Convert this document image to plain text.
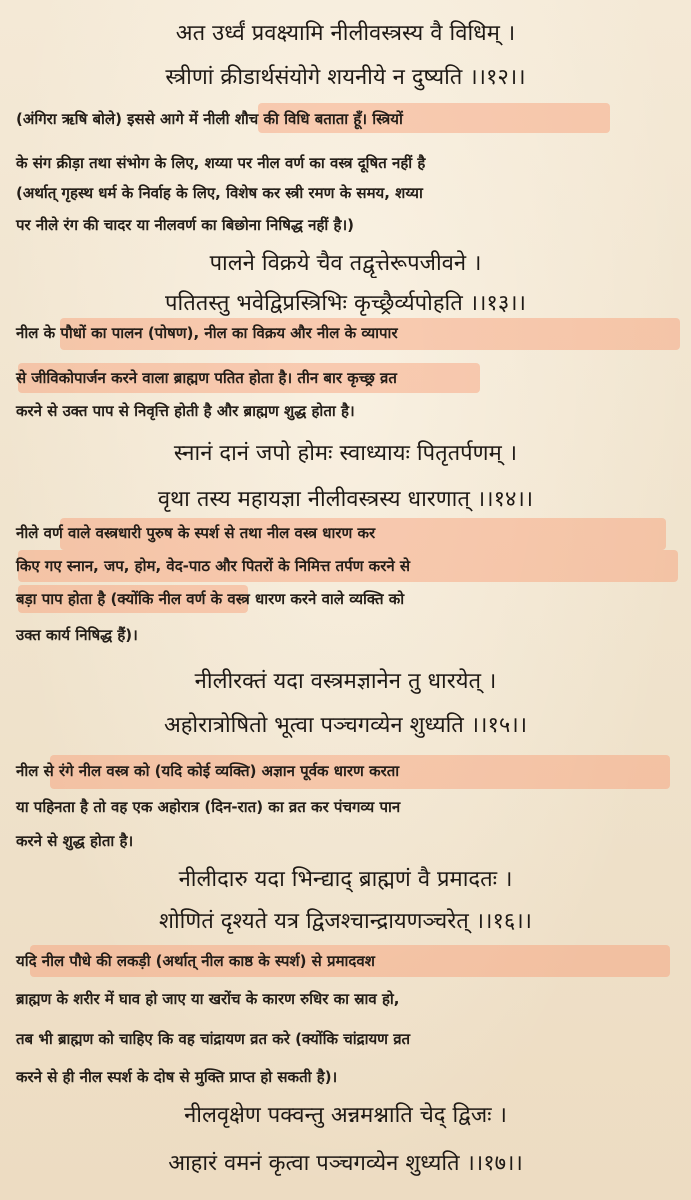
अत उर्ध्वं प्रवक्ष्यामि नीलीवस्त्रस्य वै विधिम् ।
स्त्रीणां क्रीडार्थसंयोगे शयनीये न दुष्यति ।।१२।।
(अंगिरा ऋषि बोले) इससे आगे में नीली शौच की विधि बताता हूँ। स्त्रियों
के संग क्रीड़ा तथा संभोग के लिए, शय्या पर नील वर्ण का वस्त्र दूषित नहीं है
(अर्थात् गृहस्थ धर्म के निर्वाह के लिए, विशेष कर स्त्री रमण के समय, शय्या
पर नीले रंग की चादर या नीलवर्ण का बिछोना निषिद्ध नहीं है।)
पालने विक्रये चैव तद्वृत्तेरूपजीवने ।
पतितस्तु भवेद्विप्रस्त्रिभिः कृच्छ्रैर्व्यपोहति ।।१३।।
नील के पौधों का पालन (पोषण), नील का विक्रय और नील के व्यापार
से जीविकोपार्जन करने वाला ब्राह्मण पतित होता है। तीन बार कृच्छ्र व्रत
करने से उक्त पाप से निवृत्ति होती है और ब्राह्मण शुद्ध होता है।
स्नानं दानं जपो होमः स्वाध्यायः पितृतर्पणम् ।
वृथा तस्य महायज्ञा नीलीवस्त्रस्य धारणात् ।।१४।।
नीले वर्ण वाले वस्त्रधारी पुरुष के स्पर्श से तथा नील वस्त्र धारण कर
किए गए स्नान, जप, होम, वेद-पाठ और पितरों के निमित्त तर्पण करने से
बड़ा पाप होता है (क्योंकि नील वर्ण के वस्त्र धारण करने वाले व्यक्ति को
उक्त कार्य निषिद्ध हैं)।
नीलीरक्तं यदा वस्त्रमज्ञानेन तु धारयेत् ।
अहोरात्रोषितो भूत्वा पञ्चगव्येन शुध्यति ।।१५।।
नील से रंगे नील वस्त्र को (यदि कोई व्यक्ति) अज्ञान पूर्वक धारण करता
या पहिनता है तो वह एक अहोरात्र (दिन-रात) का व्रत कर पंचगव्य पान
करने से शुद्ध होता है।
नीलीदारु यदा भिन्द्याद् ब्राह्मणं वै प्रमादतः ।
शोणितं दृश्यते यत्र द्विजश्चान्द्रायणञ्चरेत् ।।१६।।
यदि नील पौधे की लकड़ी (अर्थात् नील काष्ठ के स्पर्श) से प्रमादवश
ब्राह्मण के शरीर में घाव हो जाए या खरोंच के कारण रुधिर का स्राव हो,
तब भी ब्राह्मण को चाहिए कि वह चांद्रायण व्रत करे (क्योंकि चांद्रायण व्रत
करने से ही नील स्पर्श के दोष से मुक्ति प्राप्त हो सकती है)।
नीलवृक्षेण पक्वन्तु अन्नमश्नाति चेद् द्विजः ।
आहारं वमनं कृत्वा पञ्चगव्येन शुध्यति ।।१७।।
